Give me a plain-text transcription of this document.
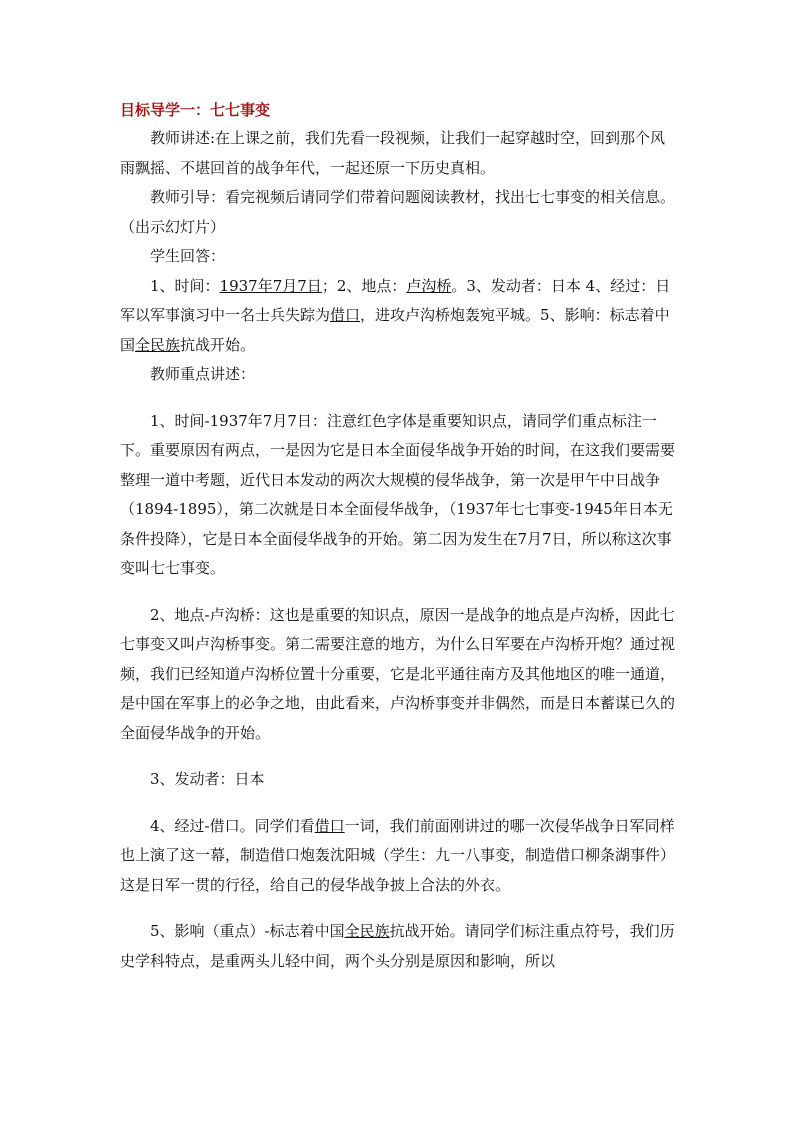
目标导学一：七七事变

教师讲述:在上课之前，我们先看一段视频，让我们一起穿越时空，回到那个风雨飘摇、不堪回首的战争年代，一起还原一下历史真相。

教师引导：看完视频后请同学们带着问题阅读教材，找出七七事变的相关信息。（出示幻灯片）

学生回答：

1、时间：1937年7月7日；2、地点：卢沟桥。3、发动者：日本 4、经过：日军以军事演习中一名士兵失踪为借口，进攻卢沟桥炮轰宛平城。5、影响：标志着中国全民族抗战开始。

教师重点讲述：

1、时间-1937年7月7日：注意红色字体是重要知识点，请同学们重点标注一下。重要原因有两点，一是因为它是日本全面侵华战争开始的时间，在这我们要需要整理一道中考题，近代日本发动的两次大规模的侵华战争，第一次是甲午中日战争（1894-1895），第二次就是日本全面侵华战争，（1937年七七事变-1945年日本无条件投降），它是日本全面侵华战争的开始。第二因为发生在7月7日，所以称这次事变叫七七事变。

2、地点-卢沟桥：这也是重要的知识点，原因一是战争的地点是卢沟桥，因此七七事变又叫卢沟桥事变。第二需要注意的地方，为什么日军要在卢沟桥开炮？通过视频，我们已经知道卢沟桥位置十分重要，它是北平通往南方及其他地区的唯一通道，是中国在军事上的必争之地，由此看来，卢沟桥事变并非偶然，而是日本蓄谋已久的全面侵华战争的开始。

3、发动者：日本

4、经过-借口。同学们看借口一词，我们前面刚讲过的哪一次侵华战争日军同样也上演了这一幕，制造借口炮轰沈阳城（学生：九一八事变，制造借口柳条湖事件）这是日军一贯的行径，给自己的侵华战争披上合法的外衣。

5、影响（重点）-标志着中国全民族抗战开始。请同学们标注重点符号，我们历史学科特点，是重两头儿轻中间，两个头分别是原因和影响，所以
